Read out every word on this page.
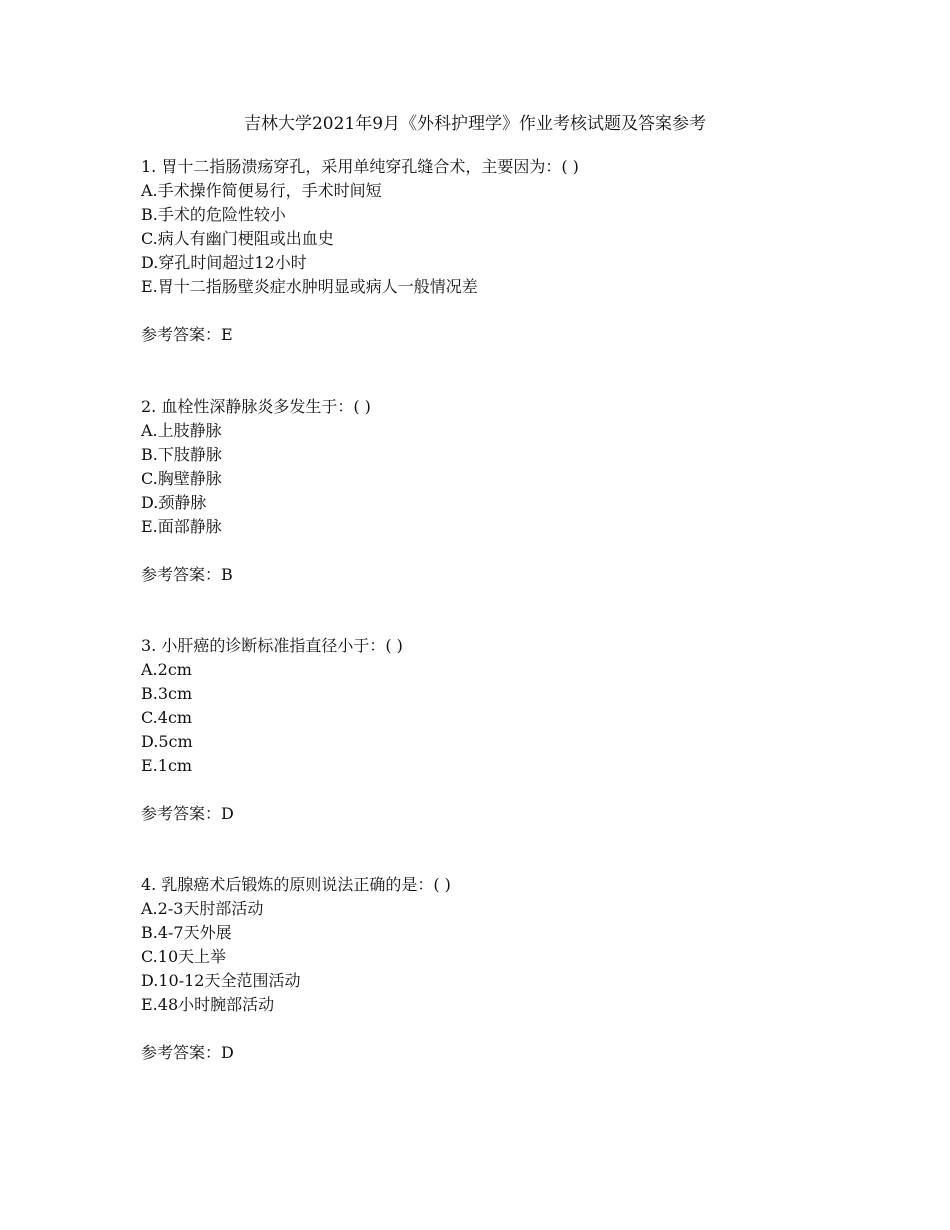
吉林大学2021年9月《外科护理学》作业考核试题及答案参考
1. 胃十二指肠溃疡穿孔，采用单纯穿孔缝合术，主要因为：( )
A.手术操作简便易行，手术时间短
B.手术的危险性较小
C.病人有幽门梗阻或出血史
D.穿孔时间超过12小时
E.胃十二指肠壁炎症水肿明显或病人一般情况差
参考答案：E
2. 血栓性深静脉炎多发生于：( )
A.上肢静脉
B.下肢静脉
C.胸壁静脉
D.颈静脉
E.面部静脉
参考答案：B
3. 小肝癌的诊断标准指直径小于：( )
A.2cm
B.3cm
C.4cm
D.5cm
E.1cm
参考答案：D
4. 乳腺癌术后锻炼的原则说法正确的是：( )
A.2-3天肘部活动
B.4-7天外展
C.10天上举
D.10-12天全范围活动
E.48小时腕部活动
参考答案：D
